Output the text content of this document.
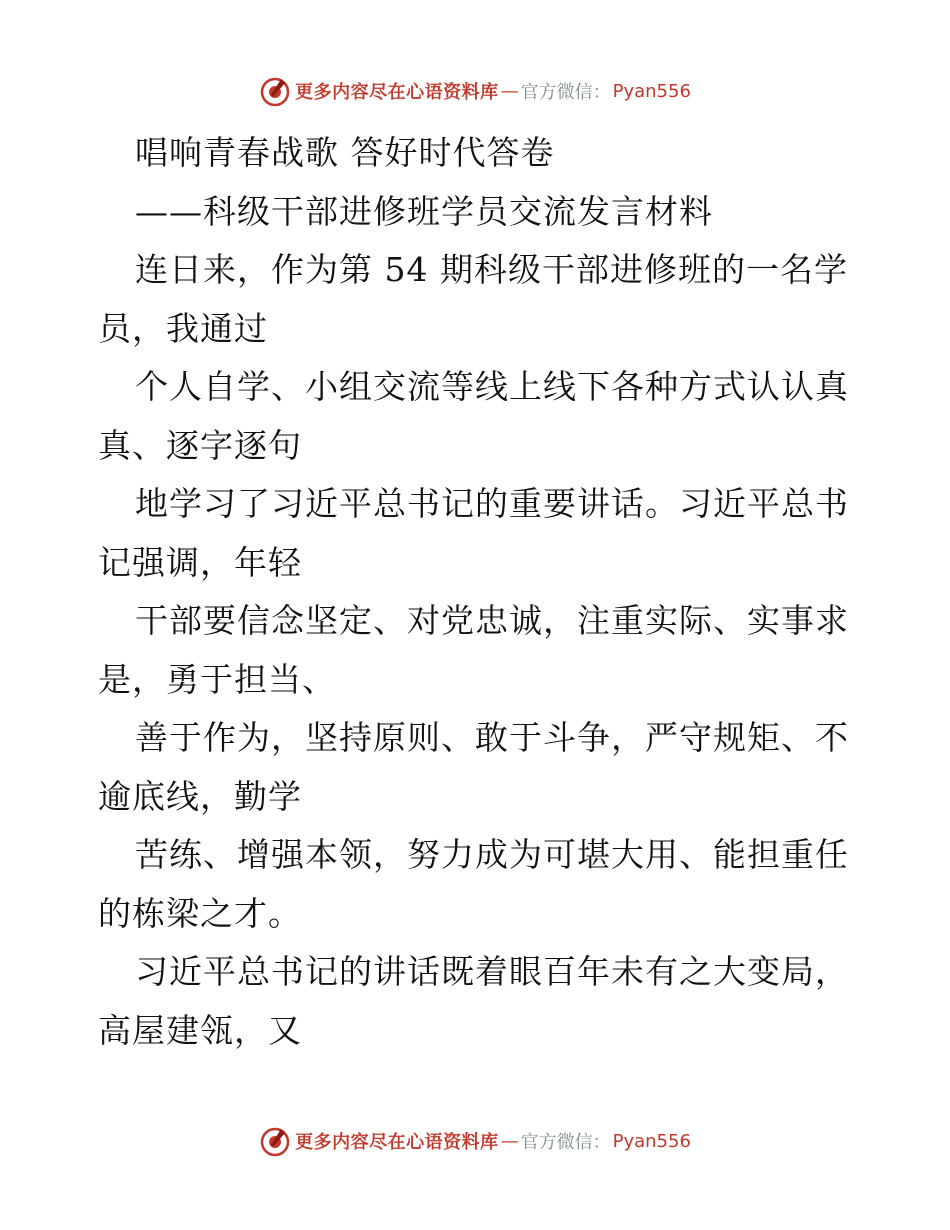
更多内容尽在心语资料库 — 官方微信： Pyan556
唱响青春战歌 答好时代答卷
——科级干部进修班学员交流发言材料
连日来，作为第 54 期科级干部进修班的一名学
员，我通过
个人自学、小组交流等线上线下各种方式认认真
真、逐字逐句
地学习了习近平总书记的重要讲话。习近平总书
记强调，年轻
干部要信念坚定、对党忠诚，注重实际、实事求
是，勇于担当、
善于作为，坚持原则、敢于斗争，严守规矩、不
逾底线，勤学
苦练、增强本领，努力成为可堪大用、能担重任
的栋梁之才。
习近平总书记的讲话既着眼百年未有之大变局，
高屋建瓴，又
更多内容尽在心语资料库 — 官方微信： Pyan556
